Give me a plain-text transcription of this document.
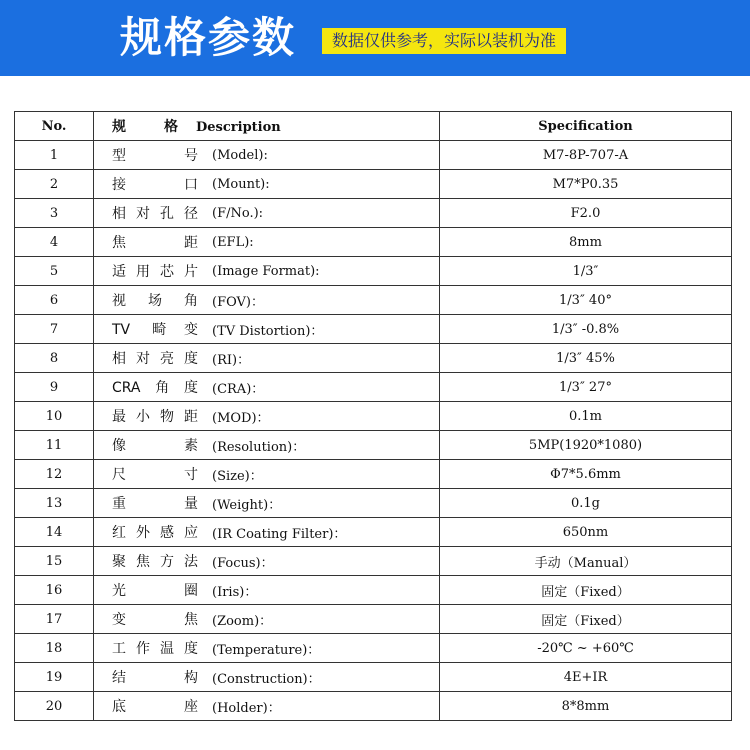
规格参数	数据仅供参考，实际以装机为准
No.	规 格 Description	Specification
1	型 号 (Model):	M7-8P-707-A
2	接 口 (Mount):	M7*P0.35
3	相对孔径 (F/No.):	F2.0
4	焦 距 (EFL):	8mm
5	适用芯片 (Image Format):	1/3″
6	视场角 (FOV)：	1/3″ 40°
7	TV 畸变 (TV Distortion)：	1/3″ -0.8%
8	相对亮度 (RI)：	1/3″ 45%
9	CRA角度 (CRA)：	1/3″ 27°
10	最小物距 (MOD)：	0.1m
11	像 素 (Resolution)：	5MP(1920*1080)
12	尺 寸 (Size)：	Φ7*5.6mm
13	重 量 (Weight)：	0.1g
14	红外感应 (IR Coating Filter)：	650nm
15	聚焦方法 (Focus)：	手动（Manual）
16	光 圈 (Iris)：	固定（Fixed）
17	变 焦 (Zoom)：	固定（Fixed）
18	工作温度 (Temperature)：	-20℃ ~ +60℃
19	结 构 (Construction)：	4E+IR
20	底 座 (Holder)：	8*8mm
